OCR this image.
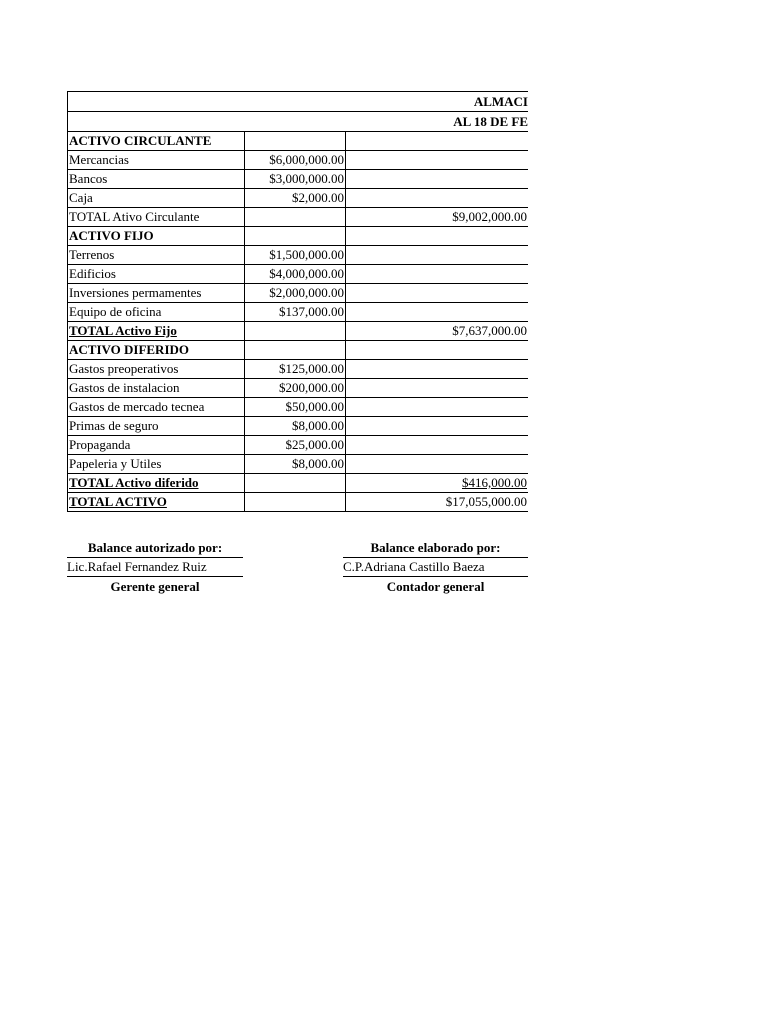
ALMACI
AL 18 DE FE
ACTIVO CIRCULANTE		
Mercancias	$6,000,000.00	
Bancos	$3,000,000.00	
Caja	$2,000.00	
TOTAL Ativo Circulante		$9,002,000.00
ACTIVO FIJO		
Terrenos	$1,500,000.00	
Edificios	$4,000,000.00	
Inversiones permamentes	$2,000,000.00	
Equipo de oficina	$137,000.00	
TOTAL Activo Fijo		$7,637,000.00
ACTIVO DIFERIDO		
Gastos preoperativos	$125,000.00	
Gastos de instalacion	$200,000.00	
Gastos de mercado tecnea	$50,000.00	
Primas de seguro	$8,000.00	
Propaganda	$25,000.00	
Papeleria y Utiles	$8,000.00	
TOTAL Activo diferido		$416,000.00
TOTAL ACTIVO		$17,055,000.00
Balance autorizado por:
Lic.Rafael Fernandez Ruiz
Gerente general
Balance elaborado por:
C.P.Adriana Castillo Baeza
Contador general
